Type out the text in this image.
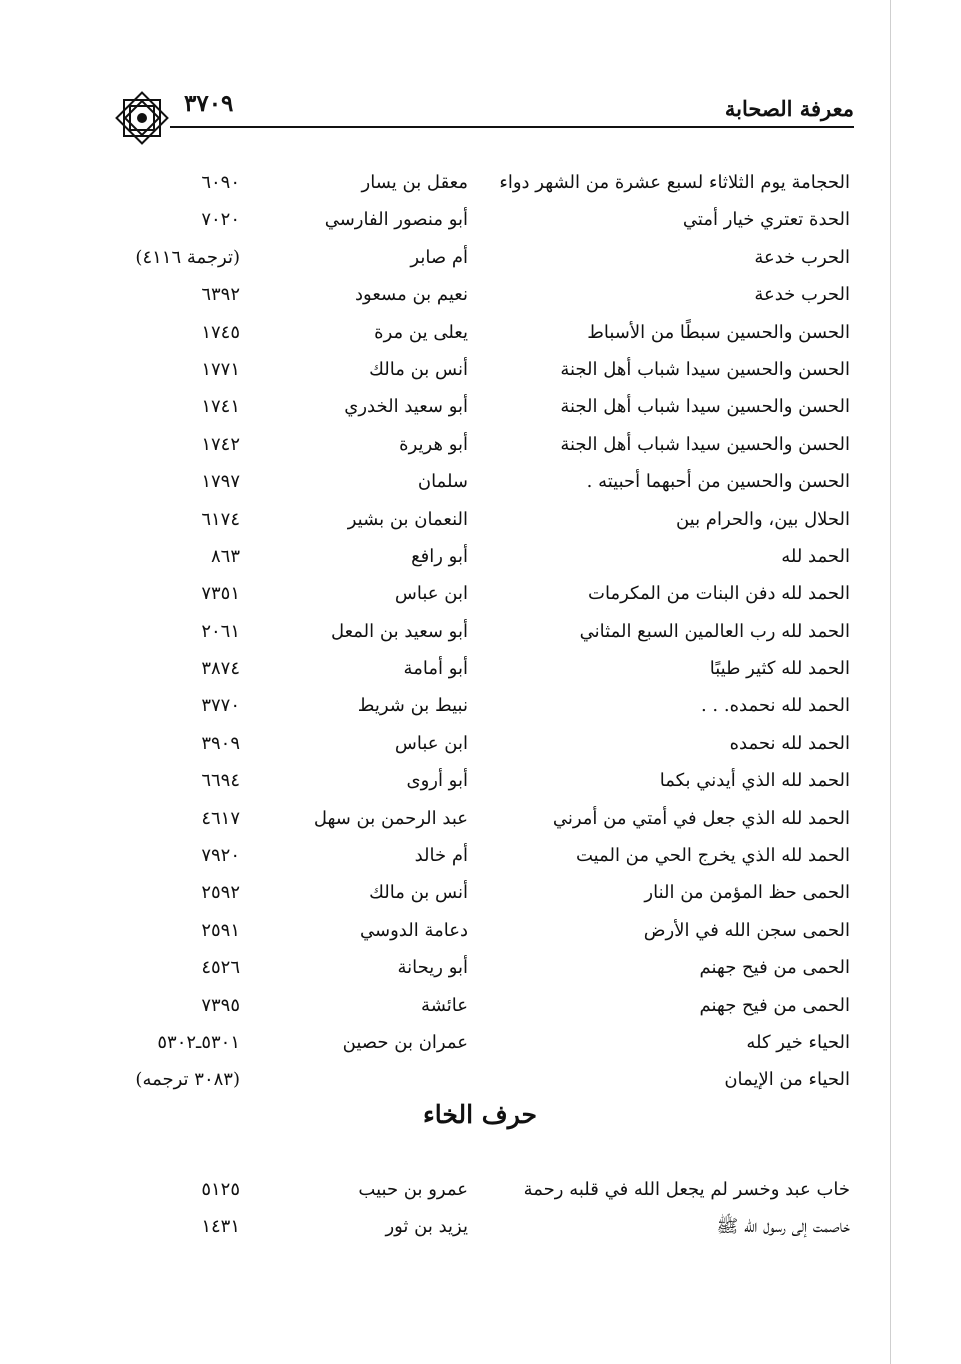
معرفة الصحابة
٣٧٠٩
الحجامة يوم الثلاثاء لسبع عشرة من الشهر دواء
معقل بن يسار
٦٠٩٠
الحدة تعتري خيار أمتي
أبو منصور الفارسي
٧٠٢٠
الحرب خدعة
أم صابر
(ترجمة ٤١١٦)
الحرب خدعة
نعيم بن مسعود
٦٣٩٢
الحسن والحسين سبطًا من الأسباط
يعلى ين مرة
١٧٤٥
الحسن والحسين سيدا شباب أهل الجنة
أنس بن مالك
١٧٧١
الحسن والحسين سيدا شباب أهل الجنة
أبو سعيد الخدري
١٧٤١
الحسن والحسين سيدا شباب أهل الجنة
أبو هريرة
١٧٤٢
الحسن والحسين من أحبهما أحبيته .
سلمان
١٧٩٧
الحلال بين، والحرام بين
النعمان بن بشير
٦١٧٤
الحمد لله
أبو رافع
٨٦٣
الحمد لله دفن البنات من المكرمات
ابن عباس
٧٣٥١
الحمد لله رب العالمين السبع المثاني
أبو سعيد بن المعل
٢٠٦١
الحمد لله كثير طيبًا
أبو أمامة
٣٨٧٤
الحمد لله نحمده. . .
نبيط بن شريط
٣٧٧٠
الحمد لله نحمده
ابن عباس
٣٩٠٩
الحمد لله الذي أيدني بكما
أبو أروى
٦٦٩٤
الحمد لله الذي جعل في أمتي من أمرني
عبد الرحمن بن سهل
٤٦١٧
الحمد لله الذي يخرج الحي من الميت
أم خالد
٧٩٢٠
الحمى حظ المؤمن من النار
أنس بن مالك
٢٥٩٢
الحمى سجن الله في الأرض
دعامة الدوسي
٢٥٩١
الحمى من فيح جهنم
أبو ريحانة
٤٥٢٦
الحمى من فيح جهنم
عائشة
٧٣٩٥
الحياء خير كله
عمران بن حصين
٥٣٠١ـ٥٣٠٢
الحياء من الإيمان
(٣٠٨٣ ترجمه)
حرف الخاء
خاب عبد وخسر لم يجعل الله في قلبه رحمة
عمرو بن حبيب
٥١٢٥
خاصمت إلى رسول الله ﷺ
يزيد بن ثور
١٤٣١
